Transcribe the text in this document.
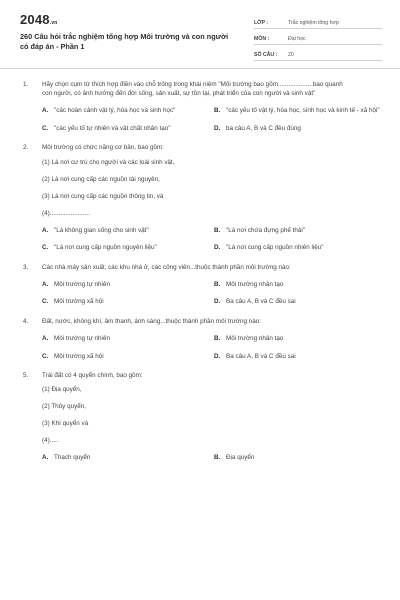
2048.vn
260 Câu hỏi trắc nghiệm tổng hợp Môi trường và con người có đáp án - Phần 1
LỚP :	Trắc nghiệm tổng hợp
MÔN :	Đại học
SỐ CÂU :	20
1.	Hãy chọn cụm từ thích hợp điền vào chỗ trống trong khái niệm "Môi trường bao gồm....................bao quanh con người, có ảnh hưởng đến đời sống, sản xuất, sự tồn tại, phát triển của con người và sinh vật"
A. "các hoàn cảnh vật lý, hóa học và sinh học"	B. "các yếu tố vật lý, hóa học, sinh học và kinh tế - xã hội"
C. "các yếu tố tự nhiên và vật chất nhân tạo"	D. ba câu A, B và C đều đúng
2.	Môi trường có chức năng cơ bản, bao gồm:
(1) Là nơi cư trú cho người và các loài sinh vật,
(2) Là nơi cung cấp các nguồn tài nguyên,
(3) Là nơi cung cấp các nguồn thông tin, và
(4).......................
A. "Là không gian sống cho sinh vật"	B. "Là nơi chứa đựng phế thải"
C. "Là nơi cung cấp nguồn nguyên liệu"	D. "Là nơi cung cấp nguồn nhiên liệu"
3.	Các nhà máy sản xuất, các khu nhà ở, các công viên...thuộc thành phần môi trường nào:
A. Môi trường tự nhiên	B. Môi trường nhân tạo
C. Môi trường xã hội	D. Ba câu A, B và C đều sai
4.	Đất, nước, không khí, âm thanh, ánh sáng...thuộc thành phần môi trường nào:
A. Môi trường tự nhiên	B. Môi trường nhân tạo
C. Môi trường xã hội	D. Ba câu A, B và C đều sai
5.	Trái đất có 4 quyển chính, bao gồm:
(1) Địa quyển,
(2) Thủy quyển,
(3) Khí quyển và
(4).....
A. Thạch quyển	B. Địa quyển
